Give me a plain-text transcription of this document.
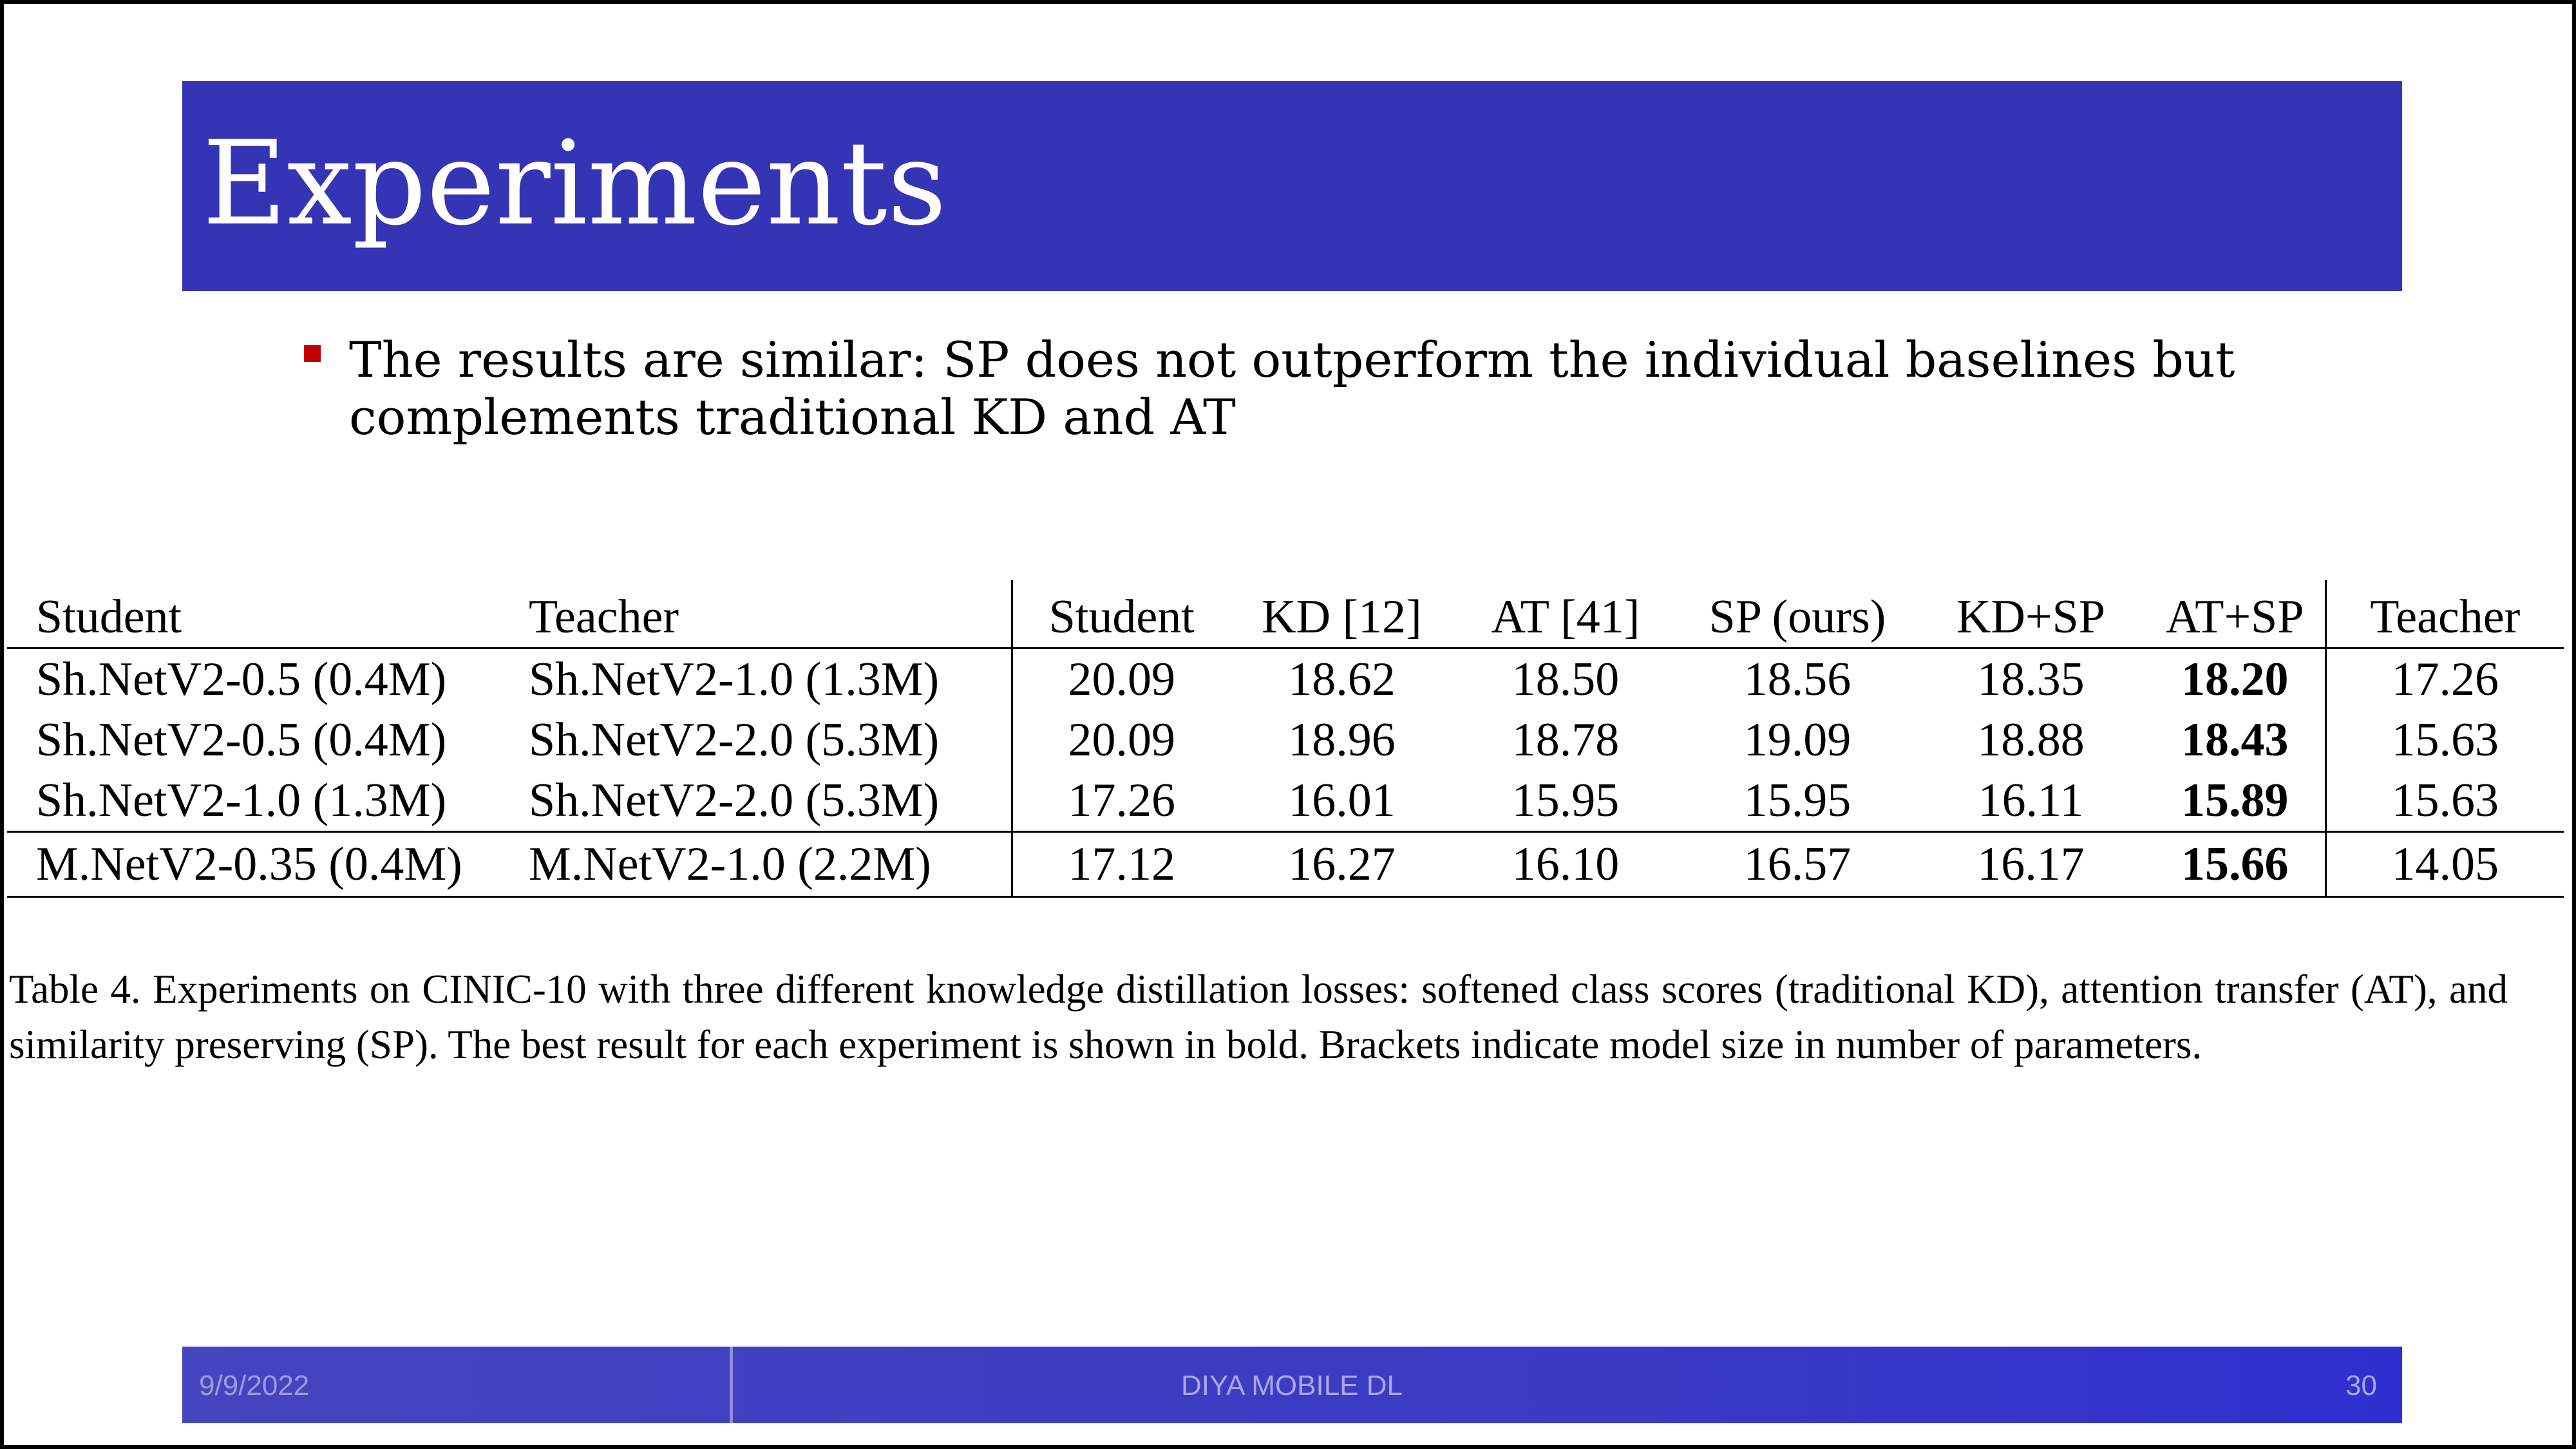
Experiments
The results are similar: SP does not outperform the individual baselines but complements traditional KD and AT
Student	Teacher	Student	KD [12]	AT [41]	SP (ours)	KD+SP	AT+SP	Teacher
Sh.NetV2-0.5 (0.4M)	Sh.NetV2-1.0 (1.3M)	20.09	18.62	18.50	18.56	18.35	18.20	17.26
Sh.NetV2-0.5 (0.4M)	Sh.NetV2-2.0 (5.3M)	20.09	18.96	18.78	19.09	18.88	18.43	15.63
Sh.NetV2-1.0 (1.3M)	Sh.NetV2-2.0 (5.3M)	17.26	16.01	15.95	15.95	16.11	15.89	15.63
M.NetV2-0.35 (0.4M)	M.NetV2-1.0 (2.2M)	17.12	16.27	16.10	16.57	16.17	15.66	14.05
Table 4. Experiments on CINIC-10 with three different knowledge distillation losses: softened class scores (traditional KD), attention transfer (AT), and similarity preserving (SP). The best result for each experiment is shown in bold. Brackets indicate model size in number of parameters.
9/9/2022	DIYA MOBILE DL	30
